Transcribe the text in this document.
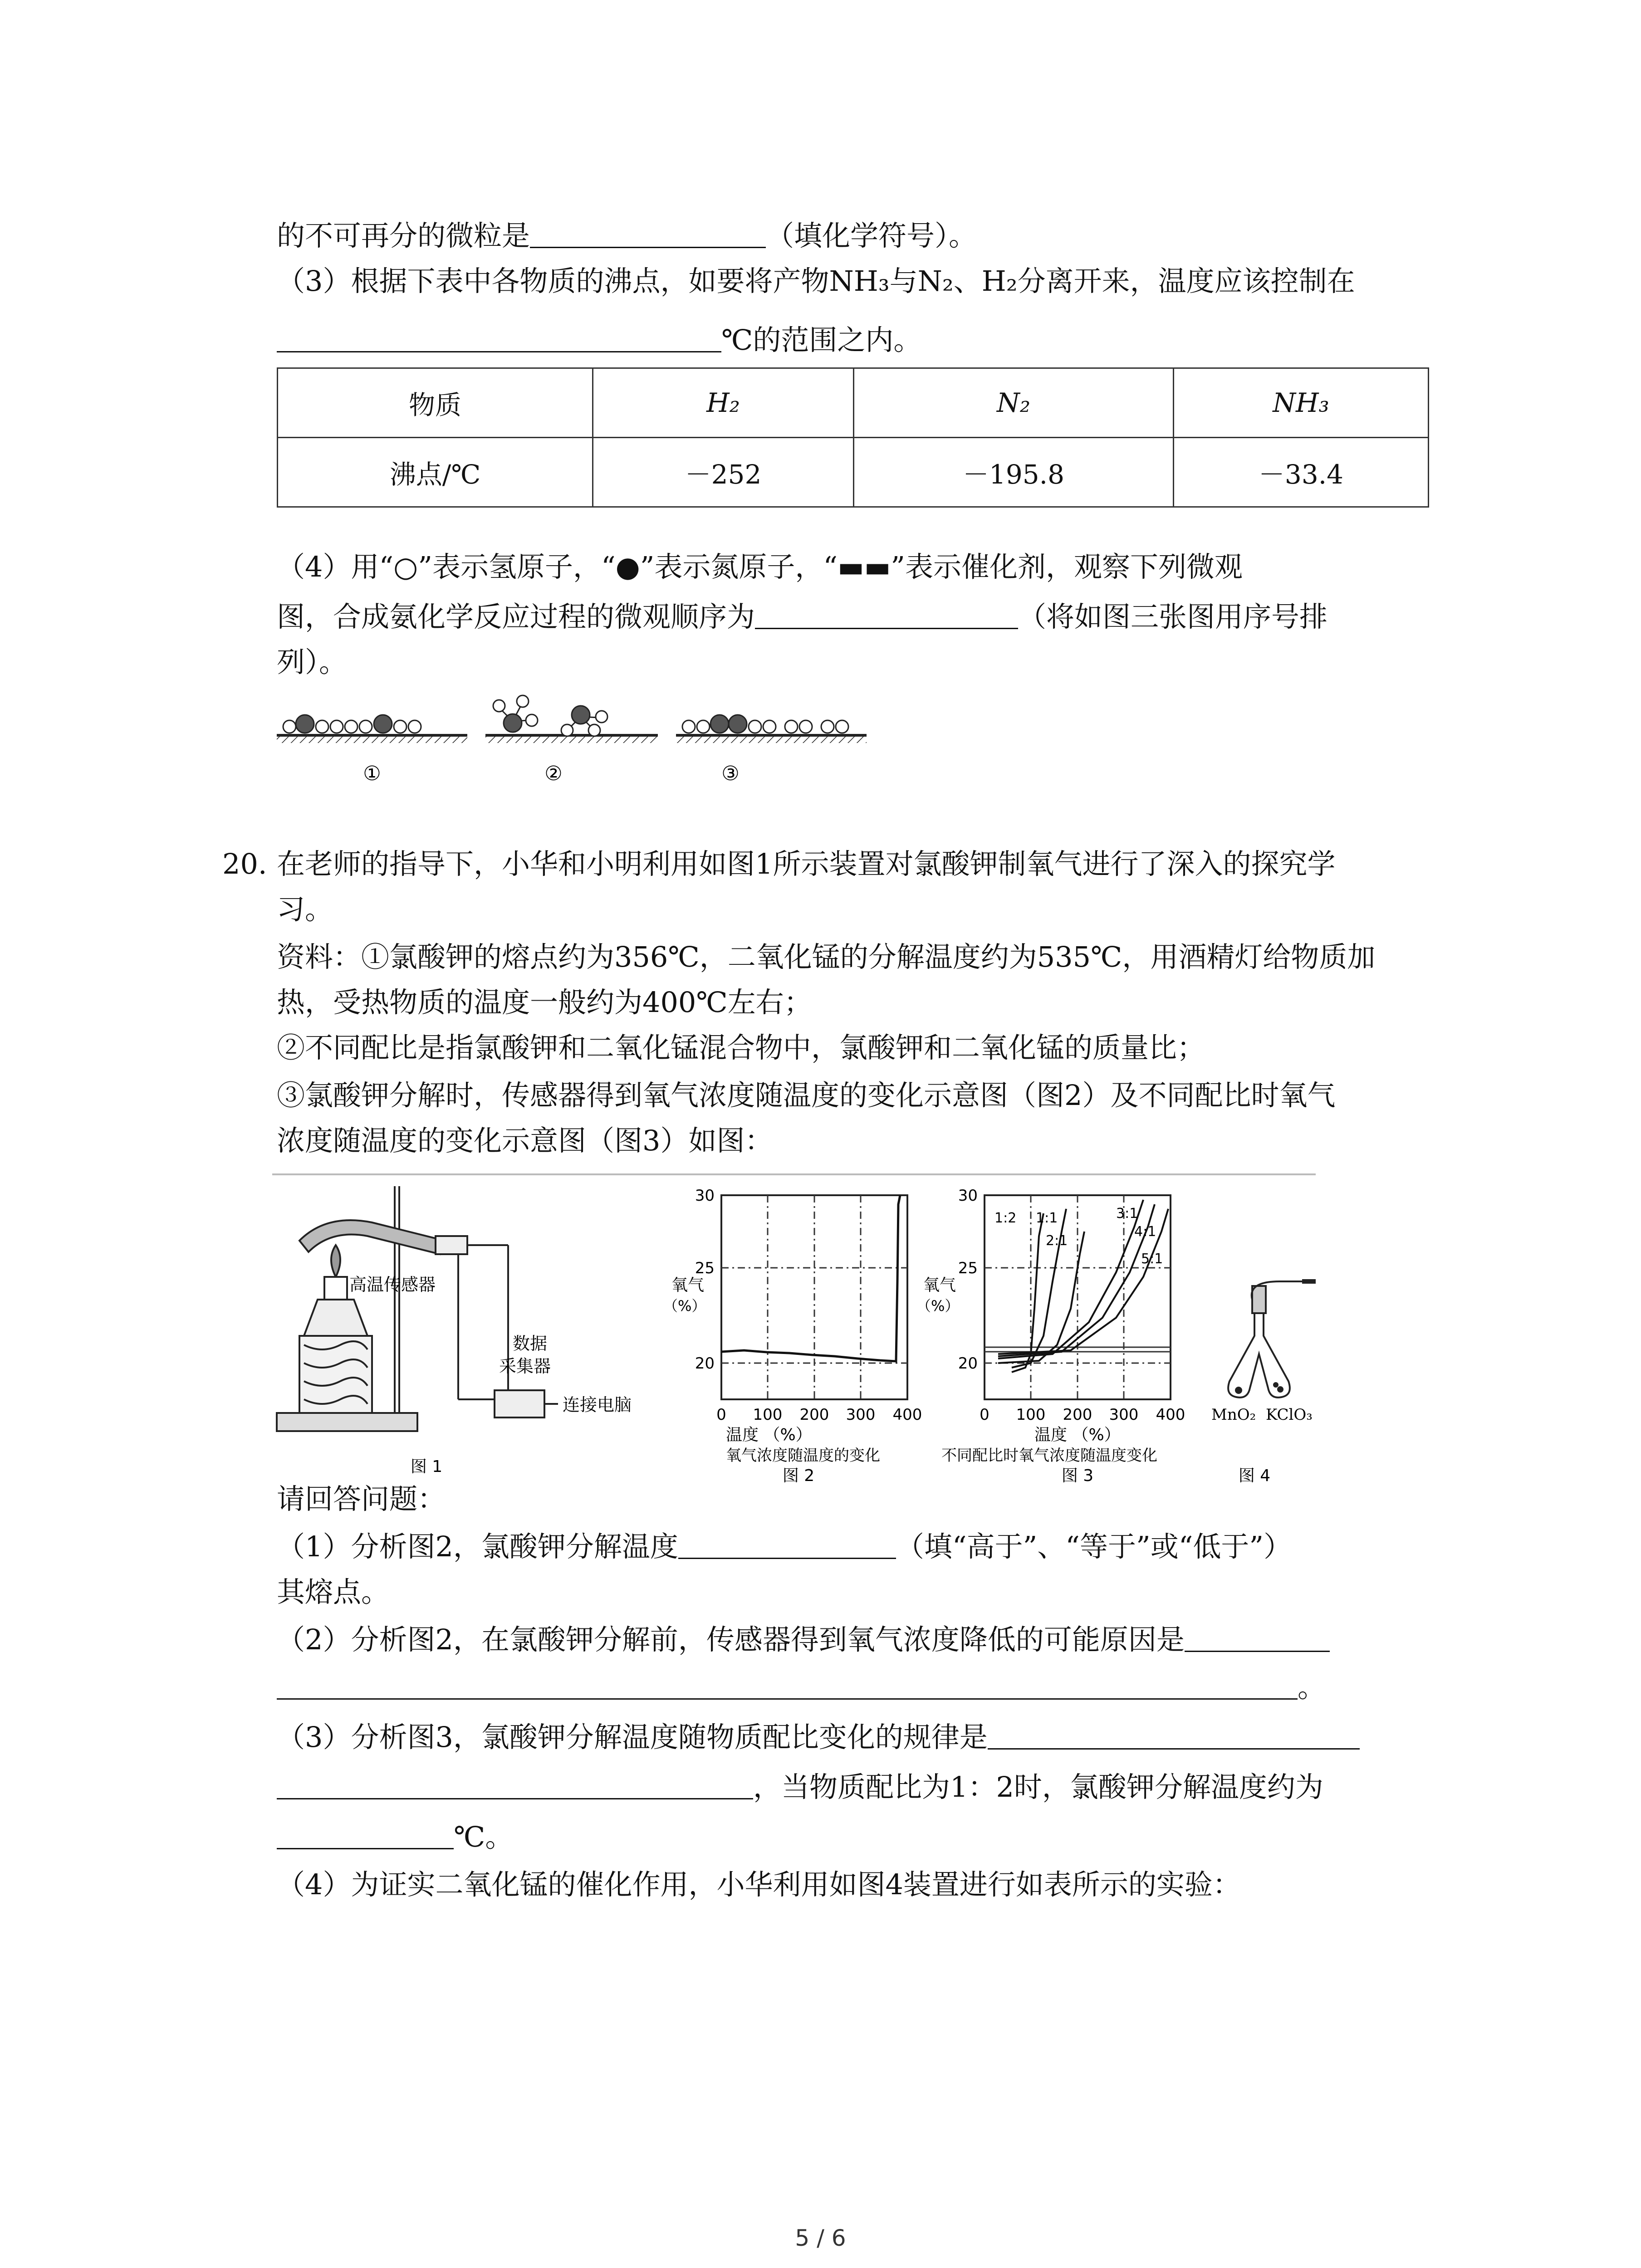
的不可再分的微粒是	（填化学符号）。
（3）根据下表中各物质的沸点，如要将产物NH₃与N₂、H₂分离开来，温度应该控制在
℃的范围之内。
物质	H₂	N₂	NH₃
沸点/℃	－252	－195.8	－33.4
（4）用“○”表示氢原子，“●”表示氮原子，“▬▬”表示催化剂，观察下列微观
图，合成氨化学反应过程的微观顺序为	（将如图三张图用序号排
列）。
①	②	③
20. 在老师的指导下，小华和小明利用如图1所示装置对氯酸钾制氧气进行了深入的探究学
习。
资料：①氯酸钾的熔点约为356℃，二氧化锰的分解温度约为535℃，用酒精灯给物质加
热，受热物质的温度一般约为400℃左右；
②不同配比是指氯酸钾和二氧化锰混合物中，氯酸钾和二氧化锰的质量比；
③氯酸钾分解时，传感器得到氧气浓度随温度的变化示意图（图2）及不同配比时氧气
浓度随温度的变化示意图（图3）如图：
高温传感器
数据
采集器
连接电脑
图 1
30
25
20
0 100 200 300 400
氧气
（%）
温度 （%）
氧气浓度随温度的变化
图 2
1:2 1:1
2:1
3:1
4:1
5:1
30
25
20
0 100 200 300 400
氧气
（%）
温度 （%）
不同配比时氧气浓度随温度变化
图 3
MnO₂ KClO₃
图 4
请回答问题：
（1）分析图2，氯酸钾分解温度	（填“高于”、“等于”或“低于”）
其熔点。
（2）分析图2，在氯酸钾分解前，传感器得到氧气浓度降低的可能原因是
。
（3）分析图3，氯酸钾分解温度随物质配比变化的规律是
，当物质配比为1：2时，氯酸钾分解温度约为
℃。
（4）为证实二氧化锰的催化作用，小华利用如图4装置进行如表所示的实验：
5 / 6
